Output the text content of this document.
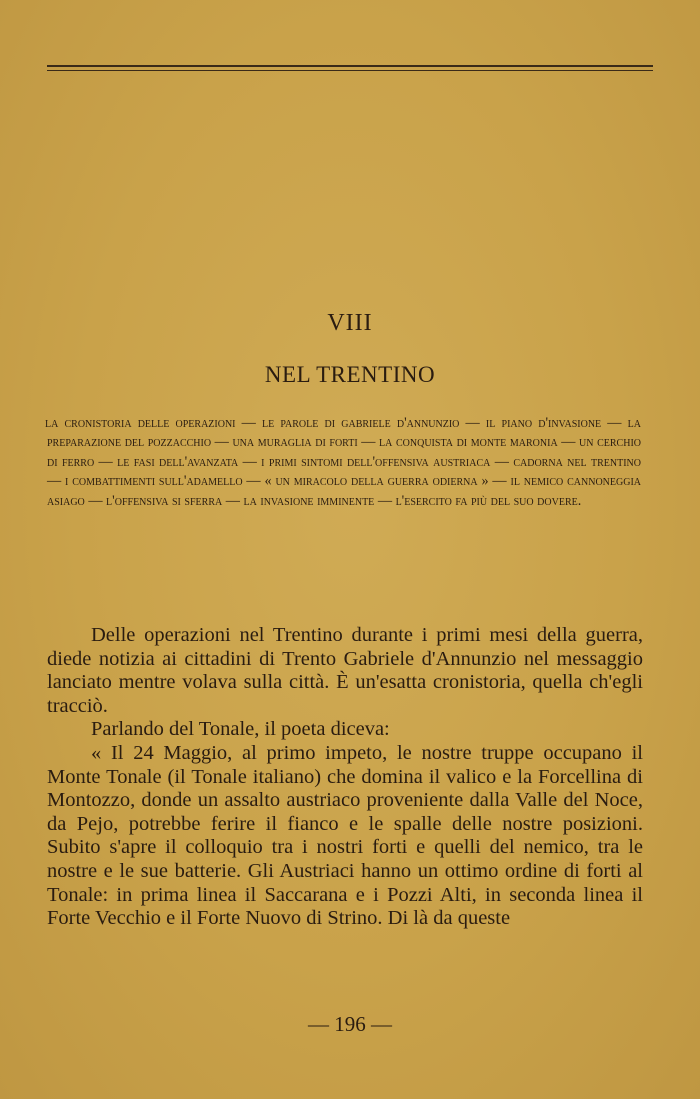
VIII
NEL TRENTINO
la cronistoria delle operazioni — le parole di gabriele d'annunzio — il piano d'invasione — la preparazione del pozzacchio — una muraglia di forti — la conquista di monte maronia — un cerchio di ferro — le fasi dell'avanzata — i primi sintomi dell'offensiva austriaca — cadorna nel trentino — i combattimenti sull'adamello — « un miracolo della guerra odierna » — il nemico cannoneggia asiago — l'offensiva si sferra — la invasione imminente — l'esercito fa più del suo dovere.

Delle operazioni nel Trentino durante i primi mesi della guerra, diede notizia ai cittadini di Trento Gabriele d'Annunzio nel messaggio lanciato mentre volava sulla città. È un'esatta cronistoria, quella ch'egli tracciò.

Parlando del Tonale, il poeta diceva:

« Il 24 Maggio, al primo impeto, le nostre truppe occupano il Monte Tonale (il Tonale italiano) che domina il valico e la Forcellina di Montozzo, donde un assalto austriaco proveniente dalla Valle del Noce, da Pejo, potrebbe ferire il fianco e le spalle delle nostre posizioni. Subito s'apre il colloquio tra i nostri forti e quelli del nemico, tra le nostre e le sue batterie. Gli Austriaci hanno un ottimo ordine di forti al Tonale: in prima linea il Saccarana e i Pozzi Alti, in seconda linea il Forte Vecchio e il Forte Nuovo di Strino. Di là da queste

— 196 —
